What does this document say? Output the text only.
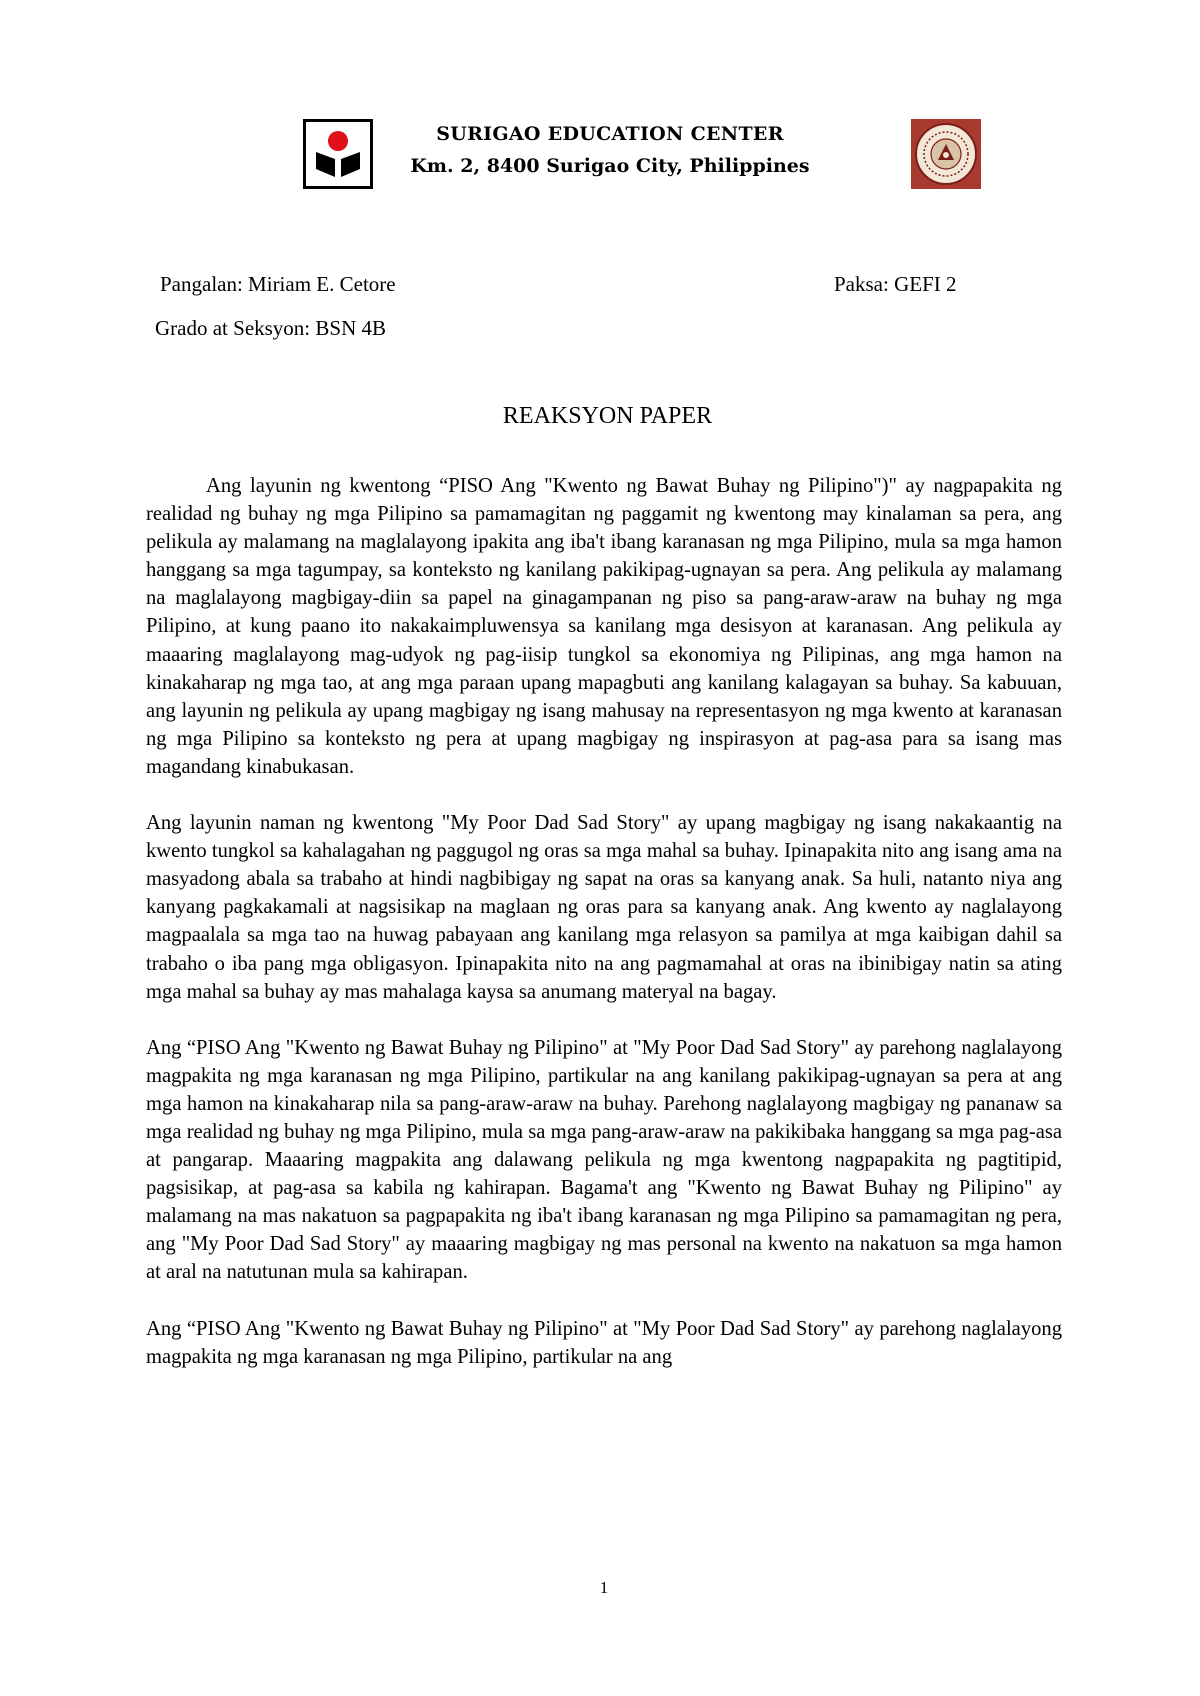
SURIGAO EDUCATION CENTER
Km. 2, 8400 Surigao City, Philippines
Pangalan: Miriam E. Cetore	Paksa: GEFI 2
Grado at Seksyon: BSN 4B
REAKSYON PAPER

Ang layunin ng kwentong “PISO Ang "Kwento ng Bawat Buhay ng Pilipino")" ay nagpapakita ng realidad ng buhay ng mga Pilipino sa pamamagitan ng paggamit ng kwentong may kinalaman sa pera, ang pelikula ay malamang na maglalayong ipakita ang iba't ibang karanasan ng mga Pilipino, mula sa mga hamon hanggang sa mga tagumpay, sa konteksto ng kanilang pakikipag-ugnayan sa pera. Ang pelikula ay malamang na maglalayong magbigay-diin sa papel na ginagampanan ng piso sa pang-araw-araw na buhay ng mga Pilipino, at kung paano ito nakakaimpluwensya sa kanilang mga desisyon at karanasan. Ang pelikula ay maaaring maglalayong mag-udyok ng pag-iisip tungkol sa ekonomiya ng Pilipinas, ang mga hamon na kinakaharap ng mga tao, at ang mga paraan upang mapagbuti ang kanilang kalagayan sa buhay. Sa kabuuan, ang layunin ng pelikula ay upang magbigay ng isang mahusay na representasyon ng mga kwento at karanasan ng mga Pilipino sa konteksto ng pera at upang magbigay ng inspirasyon at pag-asa para sa isang mas magandang kinabukasan.

Ang layunin naman ng kwentong "My Poor Dad Sad Story" ay upang magbigay ng isang nakakaantig na kwento tungkol sa kahalagahan ng paggugol ng oras sa mga mahal sa buhay. Ipinapakita nito ang isang ama na masyadong abala sa trabaho at hindi nagbibigay ng sapat na oras sa kanyang anak. Sa huli, natanto niya ang kanyang pagkakamali at nagsisikap na maglaan ng oras para sa kanyang anak. Ang kwento ay naglalayong magpaalala sa mga tao na huwag pabayaan ang kanilang mga relasyon sa pamilya at mga kaibigan dahil sa trabaho o iba pang mga obligasyon. Ipinapakita nito na ang pagmamahal at oras na ibinibigay natin sa ating mga mahal sa buhay ay mas mahalaga kaysa sa anumang materyal na bagay.

Ang “PISO Ang "Kwento ng Bawat Buhay ng Pilipino" at "My Poor Dad Sad Story" ay parehong naglalayong magpakita ng mga karanasan ng mga Pilipino, partikular na ang kanilang pakikipag-ugnayan sa pera at ang mga hamon na kinakaharap nila sa pang-araw-araw na buhay. Parehong naglalayong magbigay ng pananaw sa mga realidad ng buhay ng mga Pilipino, mula sa mga pang-araw-araw na pakikibaka hanggang sa mga pag-asa at pangarap. Maaaring magpakita ang dalawang pelikula ng mga kwentong nagpapakita ng pagtitipid, pagsisikap, at pag-asa sa kabila ng kahirapan. Bagama't ang "Kwento ng Bawat Buhay ng Pilipino" ay malamang na mas nakatuon sa pagpapakita ng iba't ibang karanasan ng mga Pilipino sa pamamagitan ng pera, ang "My Poor Dad Sad Story" ay maaaring magbigay ng mas personal na kwento na nakatuon sa mga hamon at aral na natutunan mula sa kahirapan.

Ang “PISO Ang "Kwento ng Bawat Buhay ng Pilipino" at "My Poor Dad Sad Story" ay parehong naglalayong magpakita ng mga karanasan ng mga Pilipino, partikular na ang

1
